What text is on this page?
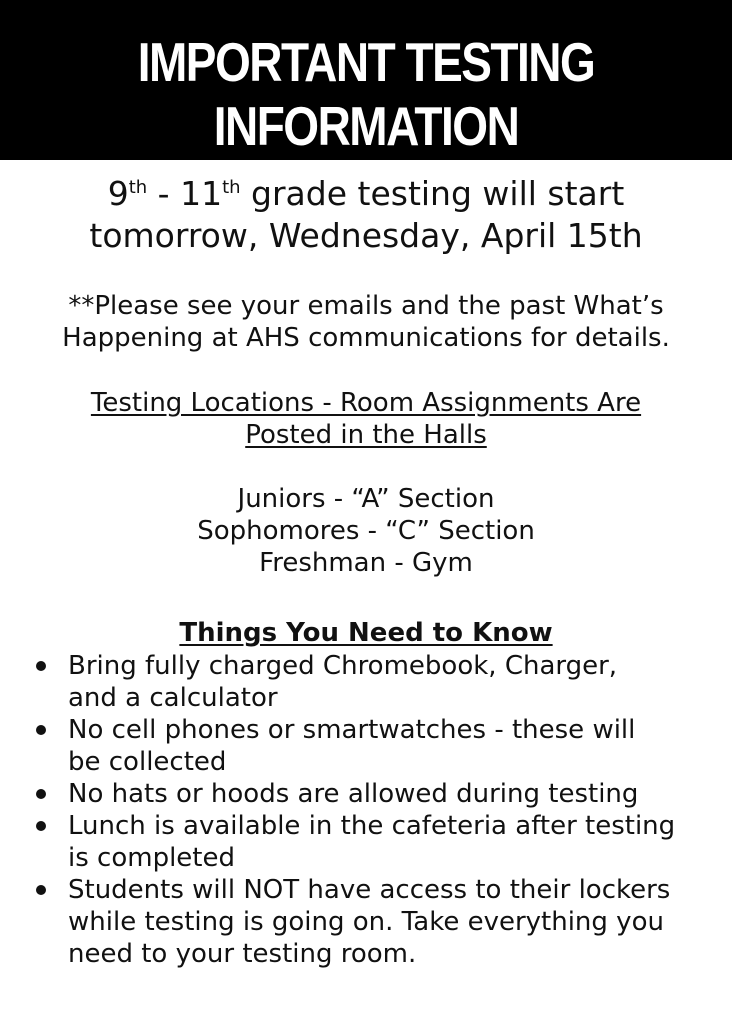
IMPORTANT TESTING
INFORMATION
9th - 11th grade testing will start
tomorrow, Wednesday, April 15th
**Please see your emails and the past What’s
Happening at AHS communications for details.
Testing Locations - Room Assignments Are
Posted in the Halls
Juniors - “A” Section
Sophomores - “C” Section
Freshman - Gym
Things You Need to Know
Bring fully charged Chromebook, Charger,
and a calculator
No cell phones or smartwatches - these will
be collected
No hats or hoods are allowed during testing
Lunch is available in the cafeteria after testing
is completed
Students will NOT have access to their lockers
while testing is going on. Take everything you
need to your testing room.
